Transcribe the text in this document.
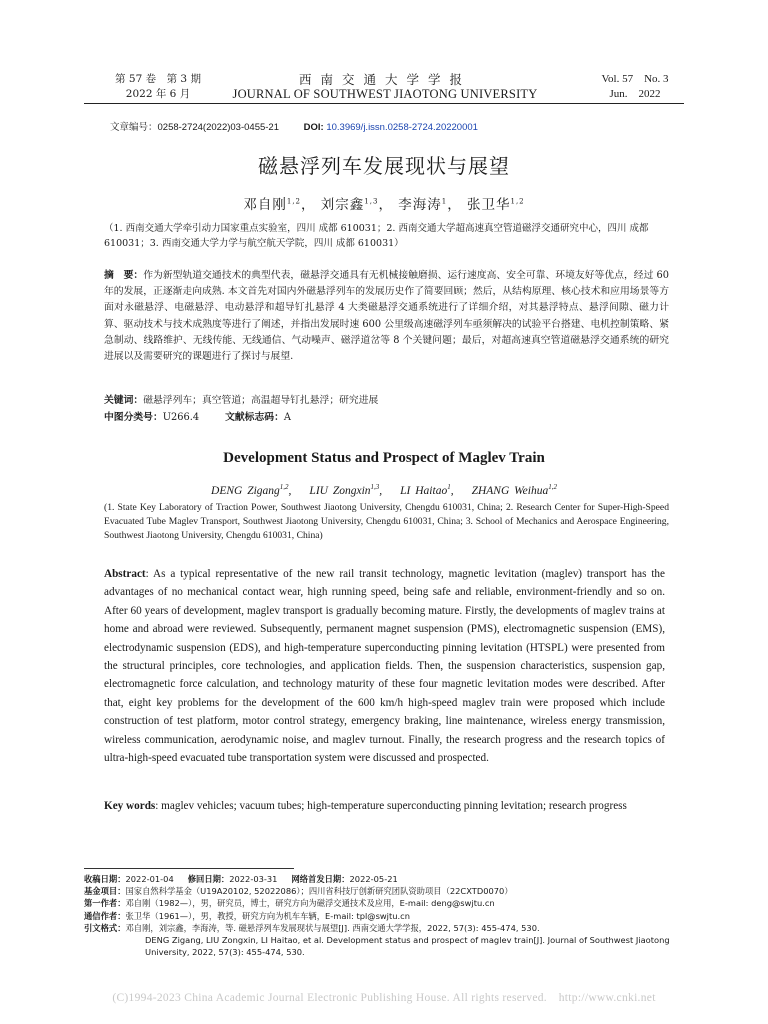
第 57 卷　第 3 期
2022 年 6 月
西南交通大学学报
JOURNAL OF SOUTHWEST JIAOTONG UNIVERSITY
Vol. 57　No. 3
Jun.　2022
文章编号：0258-2724(2022)03-0455-21	DOI: 10.3969/j.issn.0258-2724.20220001
磁悬浮列车发展现状与展望
邓自刚$^{1,2}$， 刘宗鑫$^{1,3}$， 李海涛$^1$， 张卫华$^{1,2}$
（1. 西南交通大学牵引动力国家重点实验室，四川 成都 610031；2. 西南交通大学超高速真空管道磁浮交通研究中心，四川 成都 610031；3. 西南交通大学力学与航空航天学院，四川 成都 610031）
摘　要：作为新型轨道交通技术的典型代表，磁悬浮交通具有无机械接触磨损、运行速度高、安全可靠、环境友好等优点，经过 60 年的发展，正逐渐走向成熟. 本文首先对国内外磁悬浮列车的发展历史作了简要回顾；然后，从结构原理、核心技术和应用场景等方面对永磁悬浮、电磁悬浮、电动悬浮和超导钉扎悬浮 4 大类磁悬浮交通系统进行了详细介绍，对其悬浮特点、悬浮间隙、磁力计算、驱动技术与技术成熟度等进行了阐述，并指出发展时速 600 公里级高速磁浮列车亟须解决的试验平台搭建、电机控制策略、紧急制动、线路维护、无线传能、无线通信、气动噪声、磁浮道岔等 8 个关键问题；最后，对超高速真空管道磁悬浮交通系统的研究进展以及需要研究的课题进行了探讨与展望.
关键词：磁悬浮列车；真空管道；高温超导钉扎悬浮；研究进展
中图分类号：U266.4	文献标志码：A
Development Status and Prospect of Maglev Train
DENG Zigang$^{1,2}$, LIU Zongxin$^{1,3}$, LI Haitao$^1$, ZHANG Weihua$^{1,2}$
(1. State Key Laboratory of Traction Power, Southwest Jiaotong University, Chengdu 610031, China; 2. Research Center for Super-High-Speed Evacuated Tube Maglev Transport, Southwest Jiaotong University, Chengdu 610031, China; 3. School of Mechanics and Aerospace Engineering, Southwest Jiaotong University, Chengdu 610031, China)
Abstract: As a typical representative of the new rail transit technology, magnetic levitation (maglev) transport has the advantages of no mechanical contact wear, high running speed, being safe and reliable, environment-friendly and so on. After 60 years of development, maglev transport is gradually becoming mature. Firstly, the developments of maglev trains at home and abroad were reviewed. Subsequently, permanent magnet suspension (PMS), electromagnetic suspension (EMS), electrodynamic suspension (EDS), and high-temperature superconducting pinning levitation (HTSPL) were presented from the structural principles, core technologies, and application fields. Then, the suspension characteristics, suspension gap, electromagnetic force calculation, and technology maturity of these four magnetic levitation modes were described. After that, eight key problems for the development of the 600 km/h high-speed maglev train were proposed which include construction of test platform, motor control strategy, emergency braking, line maintenance, wireless energy transmission, wireless communication, aerodynamic noise, and maglev turnout. Finally, the research progress and the research topics of ultra-high-speed evacuated tube transportation system were discussed and prospected.
Key words: maglev vehicles; vacuum tubes; high-temperature superconducting pinning levitation; research progress
收稿日期： 2022-01-04 修回日期： 2022-03-31 网络首发日期： 2022-05-21
基金项目： 国家自然科学基金（U19A20102, 52022086）；四川省科技厅创新研究团队资助项目（22CXTD0070）
第一作者： 邓自刚（1982—），男，研究员，博士，研究方向为磁浮交通技术及应用，E-mail: deng@swjtu.cn
通信作者： 张卫华（1961—），男，教授，研究方向为机车车辆，E-mail: tpl@swjtu.cn
引文格式： 邓自刚，刘宗鑫，李海涛，等. 磁悬浮列车发展现状与展望[J]. 西南交通大学学报，2022, 57(3): 455-474, 530.
DENG Zigang, LIU Zongxin, LI Haitao, et al. Development status and prospect of maglev train[J]. Journal of Southwest Jiaotong University, 2022, 57(3): 455-474, 530.
(C)1994-2023 China Academic Journal Electronic Publishing House. All rights reserved.　http://www.cnki.net
